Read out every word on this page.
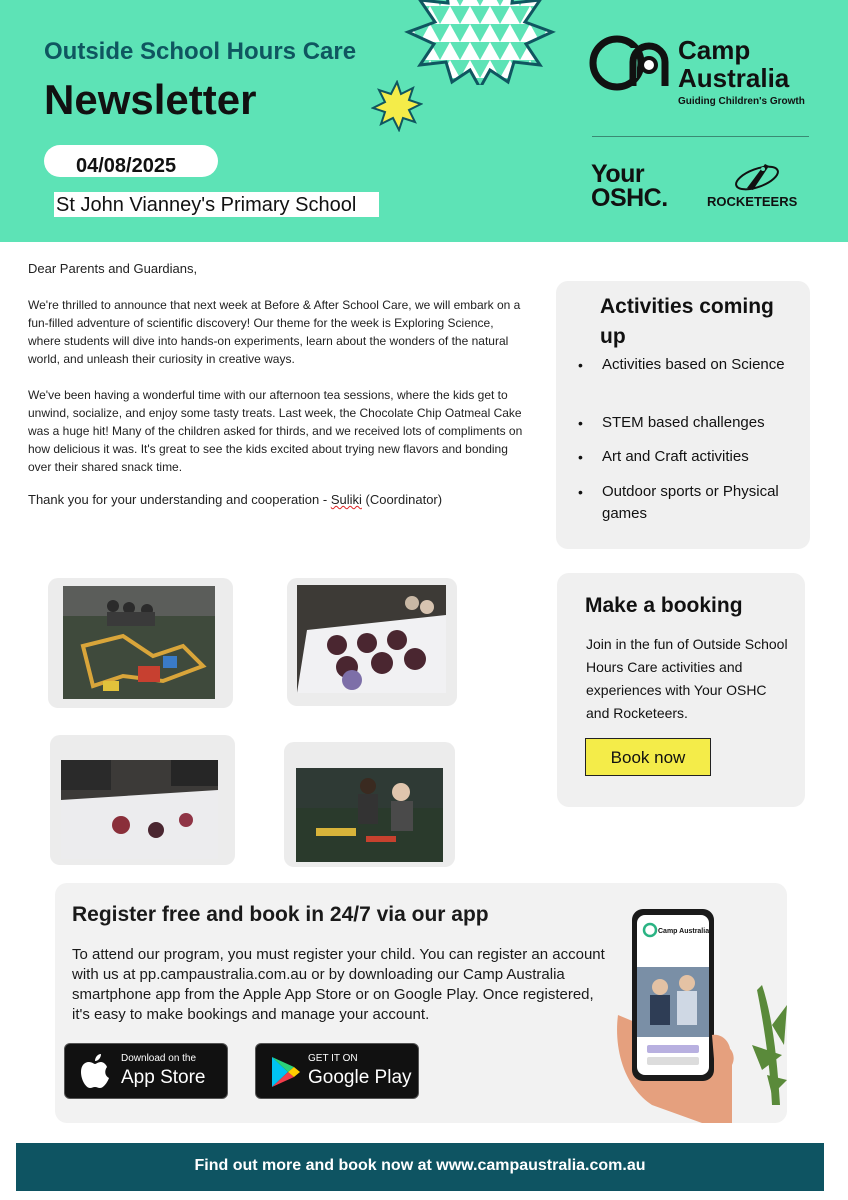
Outside School Hours Care
Newsletter
04/08/2025
St John Vianney's Primary School
Camp
Australia
Guiding Children's Growth
Your
OSHC.	ROCKETEERS
Dear Parents and Guardians,
We're thrilled to announce that next week at Before & After School Care, we will embark on a fun-filled adventure of scientific discovery! Our theme for the week is Exploring Science, where students will dive into hands-on experiments, learn about the wonders of the natural world, and unleash their curiosity in creative ways.
We've been having a wonderful time with our afternoon tea sessions, where the kids get to unwind, socialize, and enjoy some tasty treats. Last week, the Chocolate Chip Oatmeal Cake was a huge hit! Many of the children asked for thirds, and we received lots of compliments on how delicious it was. It's great to see the kids excited about trying new flavors and bonding over their shared snack time.
Thank you for your understanding and cooperation - Suliki (Coordinator)
Activities coming up
• Activities based on Science
• STEM based challenges
• Art and Craft activities
• Outdoor sports or Physical games
Make a booking
Join in the fun of Outside School Hours Care activities and experiences with Your OSHC and Rocketeers.
Book now
Register free and book in 24/7 via our app
To attend our program, you must register your child. You can register an account with us at pp.campaustralia.com.au or by downloading our Camp Australia smartphone app from the Apple App Store or on Google Play. Once registered, it's easy to make bookings and manage your account.
Download on the
App Store
GET IT ON
Google Play
Camp Australia
Find out more and book now at www.campaustralia.com.au
